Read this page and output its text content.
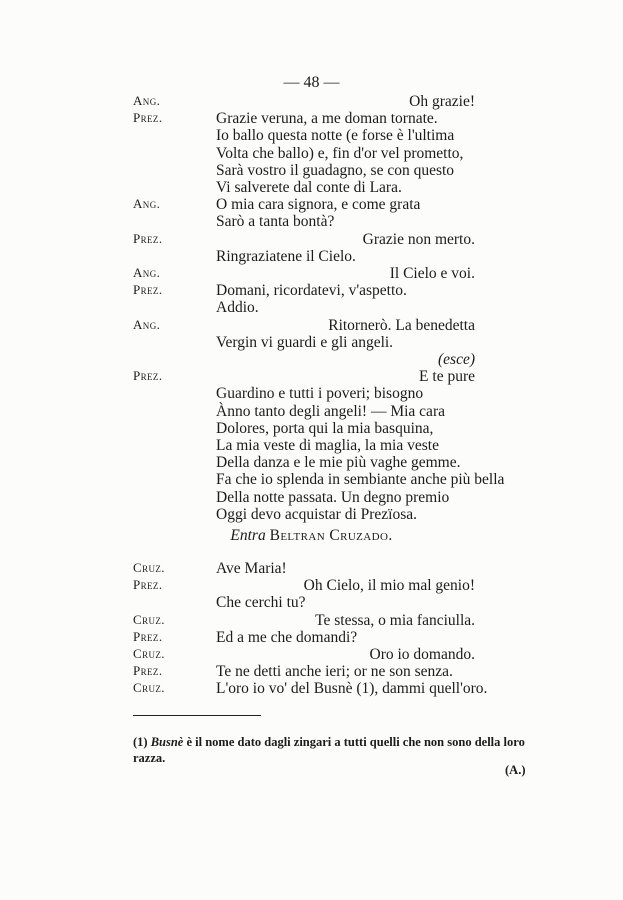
— 48 —
Ang.	Oh grazie!
Prez.	Grazie veruna, a me doman tornate.
Io ballo questa notte (e forse è l'ultima
Volta che ballo) e, fin d'or vel prometto,
Sarà vostro il guadagno, se con questo
Vi salverete dal conte di Lara.
Ang.	O mia cara signora, e come grata
Sarò a tanta bontà?
Prez.	Grazie non merto.
Ringraziatene il Cielo.
Ang.	Il Cielo e voi.
Prez.	Domani, ricordatevi, v'aspetto.
Addio.
Ang.	Ritornerò. La benedetta
Vergin vi guardi e gli angeli.
(esce)
Prez.	E te pure
Guardino e tutti i poveri; bisogno
Ànno tanto degli angeli! — Mia cara
Dolores, porta qui la mia basquina,
La mia veste di maglia, la mia veste
Della danza e le mie più vaghe gemme.
Fa che io splenda in sembiante anche più bella
Della notte passata. Un degno premio
Oggi devo acquistar di Prezïosa.
Entra Beltran Cruzado.
Cruz.	Ave Maria!
Prez.	Oh Cielo, il mio mal genio!
Che cerchi tu?
Cruz.	Te stessa, o mia fanciulla.
Prez.	Ed a me che domandi?
Cruz.	Oro io domando.
Prez.	Te ne detti anche ieri; or ne son senza.
Cruz.	L'oro io vo' del Busnè (1), dammi quell'oro.
(1) Busnè è il nome dato dagli zingari a tutti quelli che non sono della loro razza.
(A.)
